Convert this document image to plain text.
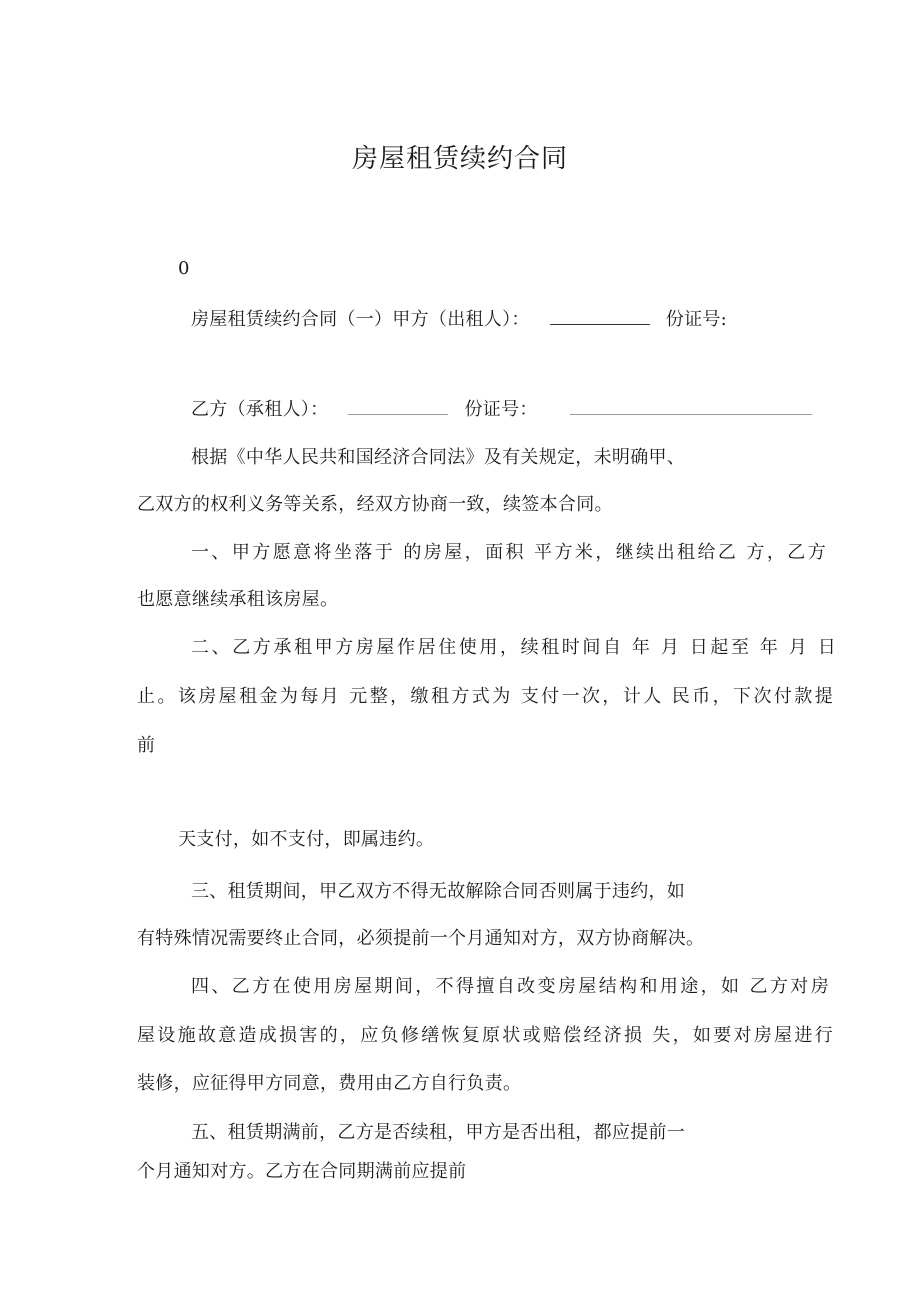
房屋租赁续约合同
0
房屋租赁续约合同（一）甲方（出租人）：	份证号:
乙方（承租人）：	份证号：
根据《中华人民共和国经济合同法》及有关规定，未明确甲、
乙双方的权利义务等关系，经双方协商一致，续签本合同。
一、甲方愿意将坐落于 的房屋，面积 平方米，继续出租给乙 方，乙方
也愿意继续承租该房屋。
二、乙方承租甲方房屋作居住使用，续租时间自 年 月 日起至 年 月 日
止。该房屋租金为每月 元整，缴租方式为 支付一次，计人 民币，下次付款提
前
天支付，如不支付，即属违约。
三、租赁期间，甲乙双方不得无故解除合同否则属于违约，如
有特殊情况需要终止合同，必须提前一个月通知对方，双方协商解决。
四、乙方在使用房屋期间，不得擅自改变房屋结构和用途，如 乙方对房
屋设施故意造成损害的，应负修缮恢复原状或赔偿经济损 失，如要对房屋进行
装修，应征得甲方同意，费用由乙方自行负责。
五、租赁期满前，乙方是否续租，甲方是否出租，都应提前一
个月通知对方。乙方在合同期满前应提前
